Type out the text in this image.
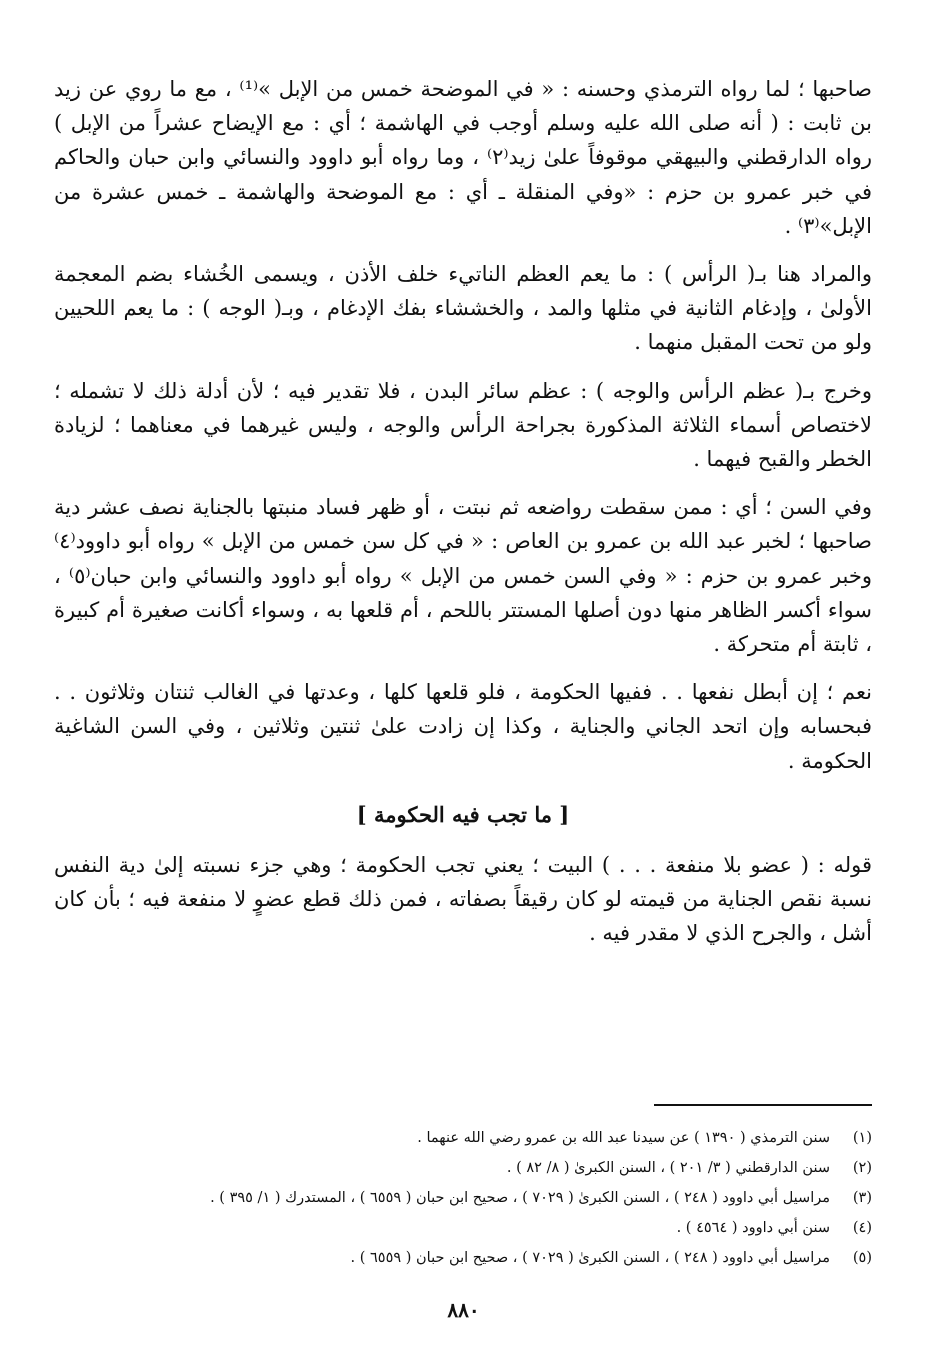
صاحبها ؛ لما رواه الترمذي وحسنه : « في الموضحة خمس من الإبل »⁽¹⁾ ، مع ما روي عن زيد بن ثابت : ( أنه صلى الله عليه وسلم أوجب في الهاشمة ؛ أي : مع الإيضاح عشراً من الإبل ) رواه الدارقطني والبيهقي موقوفاً علىٰ زيد⁽٢⁾ ، وما رواه أبو داوود والنسائي وابن حبان والحاكم في خبر عمرو بن حزم : «وفي المنقلة ـ أي : مع الموضحة والهاشمة ـ خمس عشرة من الإبل»⁽٣⁾ .

والمراد هنا بـ( الرأس ) : ما يعم العظم الناتيء خلف الأذن ، ويسمى الخُشاء بضم المعجمة الأولىٰ ، وإدغام الثانية في مثلها والمد ، والخششاء بفك الإدغام ، وبـ( الوجه ) : ما يعم اللحيين ولو من تحت المقبل منهما .

وخرج بـ( عظم الرأس والوجه ) : عظم سائر البدن ، فلا تقدير فيه ؛ لأن أدلة ذلك لا تشمله ؛ لاختصاص أسماء الثلاثة المذكورة بجراحة الرأس والوجه ، وليس غيرهما في معناهما ؛ لزيادة الخطر والقبح فيهما .

وفي السن ؛ أي : ممن سقطت رواضعه ثم نبتت ، أو ظهر فساد منبتها بالجناية نصف عشر دية صاحبها ؛ لخبر عبد الله بن عمرو بن العاص : « في كل سن خمس من الإبل » رواه أبو داوود⁽٤⁾ وخبر عمرو بن حزم : « وفي السن خمس من الإبل » رواه أبو داوود والنسائي وابن حبان⁽٥⁾ ، سواء أكسر الظاهر منها دون أصلها المستتر باللحم ، أم قلعها به ، وسواء أكانت صغيرة أم كبيرة ، ثابتة أم متحركة .

نعم ؛ إن أبطل نفعها . . ففيها الحكومة ، فلو قلعها كلها ، وعدتها في الغالب ثنتان وثلاثون . . فبحسابه وإن اتحد الجاني والجناية ، وكذا إن زادت علىٰ ثنتين وثلاثين ، وفي السن الشاغية الحكومة .

[ ما تجب فيه الحكومة ]

قوله : ( عضو بلا منفعة . . . ) البيت ؛ يعني تجب الحكومة ؛ وهي جزء نسبته إلىٰ دية النفس نسبة نقص الجناية من قيمته لو كان رقيقاً بصفاته ، فمن ذلك قطع عضوٍ لا منفعة فيه ؛ بأن كان أشل ، والجرح الذي لا مقدر فيه .

(١)
سنن الترمذي ( ١٣٩٠ ) عن سيدنا عبد الله بن عمرو رضي الله عنهما .
(٢)
سنن الدارقطني ( ٣/ ٢٠١ ) ، السنن الكبرىٰ ( ٨/ ٨٢ ) .
(٣)
مراسيل أبي داوود ( ٢٤٨ ) ، السنن الكبرىٰ ( ٧٠٢٩ ) ، صحيح ابن حبان ( ٦٥٥٩ ) ، المستدرك ( ١/ ٣٩٥ ) .
(٤)
سنن أبي داوود ( ٤٥٦٤ ) .
(٥)
مراسيل أبي داوود ( ٢٤٨ ) ، السنن الكبرىٰ ( ٧٠٢٩ ) ، صحيح ابن حبان ( ٦٥٥٩ ) .
٨٨٠
